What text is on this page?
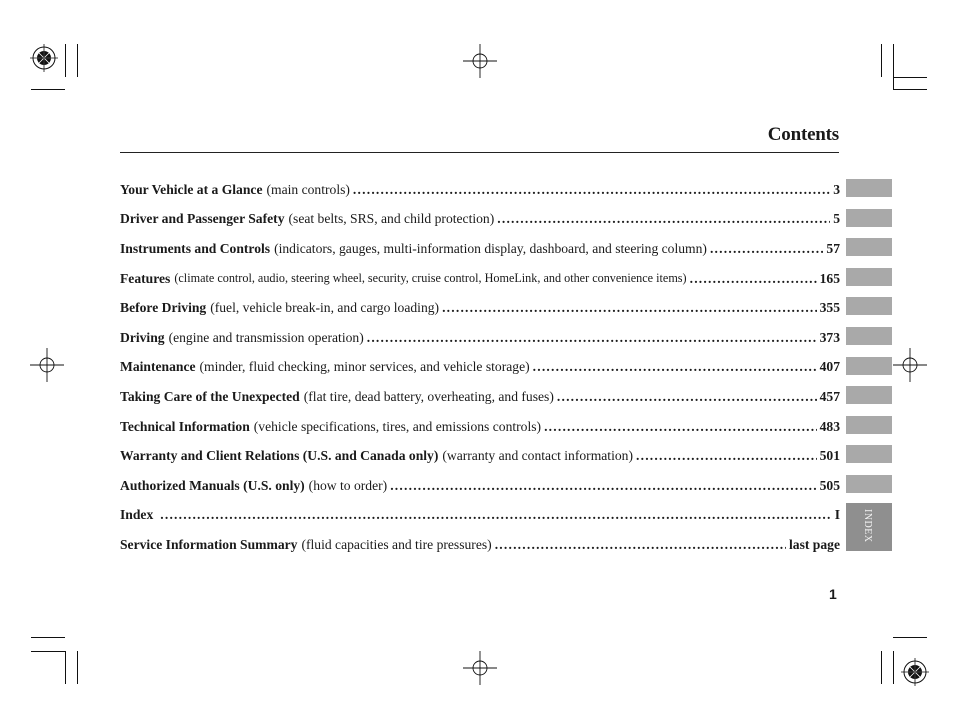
Contents
Your Vehicle at a Glance (main controls) .....	3
Driver and Passenger Safety (seat belts, SRS, and child protection) .....	5
Instruments and Controls (indicators, gauges, multi-information display, dashboard, and steering column) .....	57
Features (climate control, audio, steering wheel, security, cruise control, HomeLink, and other convenience items) .....	165
Before Driving (fuel, vehicle break-in, and cargo loading) .....	355
Driving (engine and transmission operation) .....	373
Maintenance (minder, fluid checking, minor services, and vehicle storage) .....	407
Taking Care of the Unexpected (flat tire, dead battery, overheating, and fuses) .....	457
Technical Information (vehicle specifications, tires, and emissions controls) .....	483
Warranty and Client Relations (U.S. and Canada only) (warranty and contact information) .....	501
Authorized Manuals (U.S. only) (how to order) .....	505
Index .....	I
Service Information Summary (fluid capacities and tire pressures) .....	last page
INDEX
1
